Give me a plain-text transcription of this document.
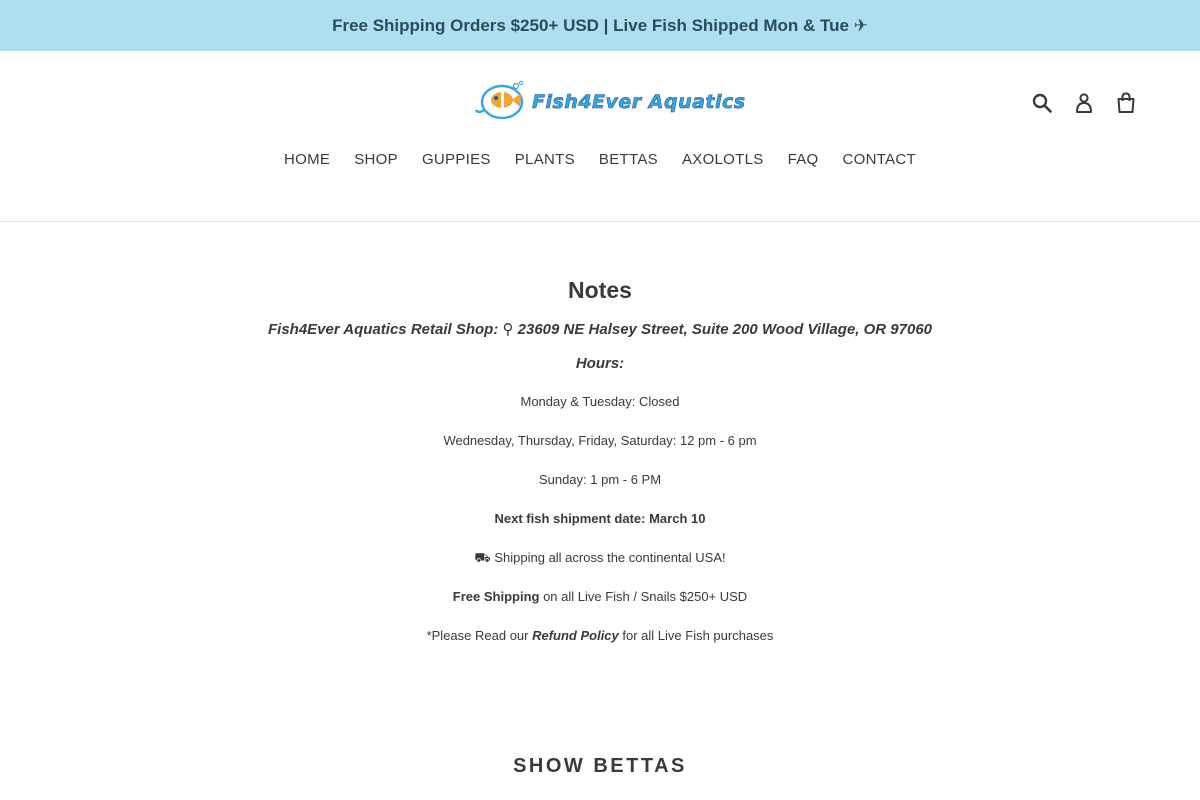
Free Shipping Orders $250+ USD | Live Fish Shipped Mon & Tue ✈
Fish4Ever Aquatics
HOME SHOP GUPPIES PLANTS BETTAS AXOLOTLS FAQ CONTACT
Notes
Fish4Ever Aquatics Retail Shop: ⚲ 23609 NE Halsey Street, Suite 200 Wood Village, OR 97060
Hours:
Monday & Tuesday: Closed
Wednesday, Thursday, Friday, Saturday: 12 pm - 6 pm
Sunday: 1 pm - 6 PM
Next fish shipment date: March 10
⛟ Shipping all across the continental USA!
Free Shipping on all Live Fish / Snails $250+ USD
*Please Read our Refund Policy for all Live Fish purchases
SHOW BETTAS
